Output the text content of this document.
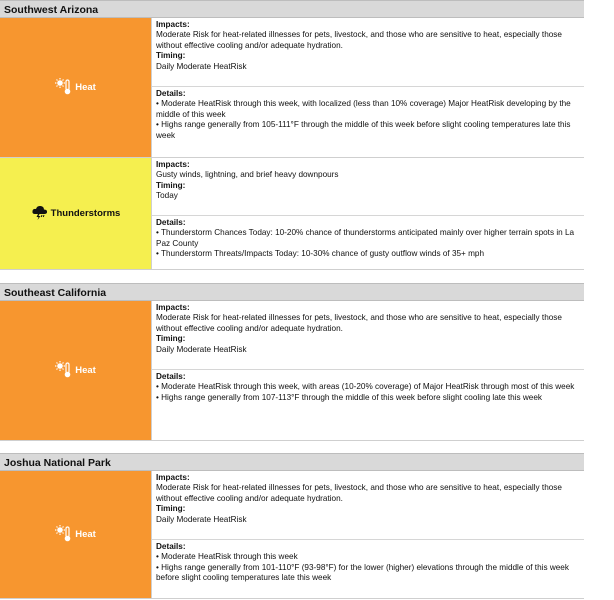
Southwest Arizona
Heat
Impacts:
Moderate Risk for heat-related illnesses for pets, livestock, and those who are sensitive to heat, especially those without effective cooling and/or adequate hydration.
Timing:
Daily Moderate HeatRisk
Details:
• Moderate HeatRisk through this week, with localized (less than 10% coverage) Major HeatRisk developing by the middle of this week
• Highs range generally from 105-111°F through the middle of this week before slight cooling temperatures late this week
Thunderstorms
Impacts:
Gusty winds, lightning, and brief heavy downpours
Timing:
Today
Details:
• Thunderstorm Chances Today: 10-20% chance of thunderstorms anticipated mainly over higher terrain spots in La Paz County
• Thunderstorm Threats/Impacts Today: 10-30% chance of gusty outflow winds of 35+ mph
Southeast California
Heat
Impacts:
Moderate Risk for heat-related illnesses for pets, livestock, and those who are sensitive to heat, especially those without effective cooling and/or adequate hydration.
Timing:
Daily Moderate HeatRisk
Details:
• Moderate HeatRisk through this week, with areas (10-20% coverage) of Major HeatRisk through most of this week
• Highs range generally from 107-113°F through the middle of this week before slight cooling late this week
Joshua National Park
Heat
Impacts:
Moderate Risk for heat-related illnesses for pets, livestock, and those who are sensitive to heat, especially those without effective cooling and/or adequate hydration.
Timing:
Daily Moderate HeatRisk
Details:
• Moderate HeatRisk through this week
• Highs range generally from 101-110°F (93-98°F) for the lower (higher) elevations through the middle of this week before slight cooling temperatures late this week
